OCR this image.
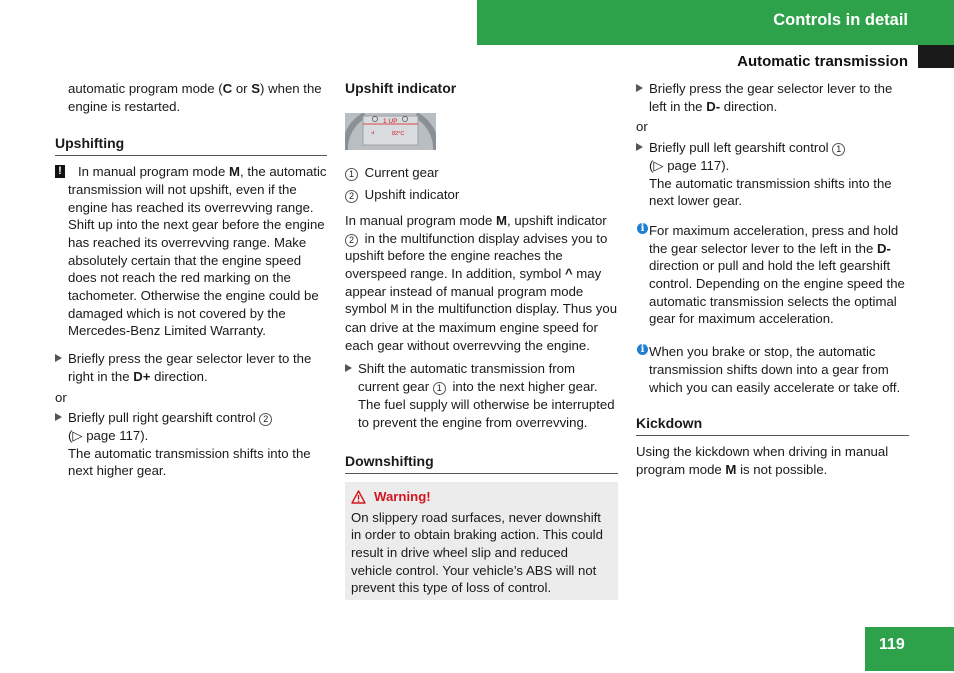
Controls in detail
Automatic transmission

automatic program mode (C or S) when the engine is restarted.

Upshifting
! In manual program mode M, the automatic transmission will not upshift, even if the engine has reached its overrevving range. Shift up into the next gear before the engine has reached its overrevving range. Make absolutely certain that the engine speed does not reach the red marking on the tachometer. Otherwise the engine could be damaged which is not covered by the Mercedes-Benz Limited Warranty.
Briefly press the gear selector lever to the right in the D+ direction.

or

Briefly pull right gearshift control 2
(▷ page 117).
The automatic transmission shifts into the next higher gear.
Upshift indicator
1 UP
ⅎ	82°C

1 Current gear

2 Upshift indicator

In manual program mode M, upshift indicator 2 in the multifunction display advises you to upshift before the engine reaches the overspeed range. In addition, symbol ^ may appear instead of manual program mode symbol M in the multifunction display. Thus you can drive at the maximum engine speed for each gear without overrevving the engine.

Shift the automatic transmission from current gear 1 into the next higher gear. The fuel supply will otherwise be interrupted to prevent the engine from overrevving.
Downshifting
Warning!

On slippery road surfaces, never downshift in order to obtain braking action. This could result in drive wheel slip and reduced vehicle control. Your vehicle’s ABS will not prevent this type of loss of control.

Briefly press the gear selector lever to the left in the D- direction.

or

Briefly pull left gearshift control 1
(▷ page 117).
The automatic transmission shifts into the next lower gear.
i For maximum acceleration, press and hold the gear selector lever to the left in the D- direction or pull and hold the left gearshift control. Depending on the engine speed the automatic transmission selects the optimal gear for maximum acceleration.
i When you brake or stop, the automatic transmission shifts down into a gear from which you can easily accelerate or take off.
Kickdown

Using the kickdown when driving in manual program mode M is not possible.

119
